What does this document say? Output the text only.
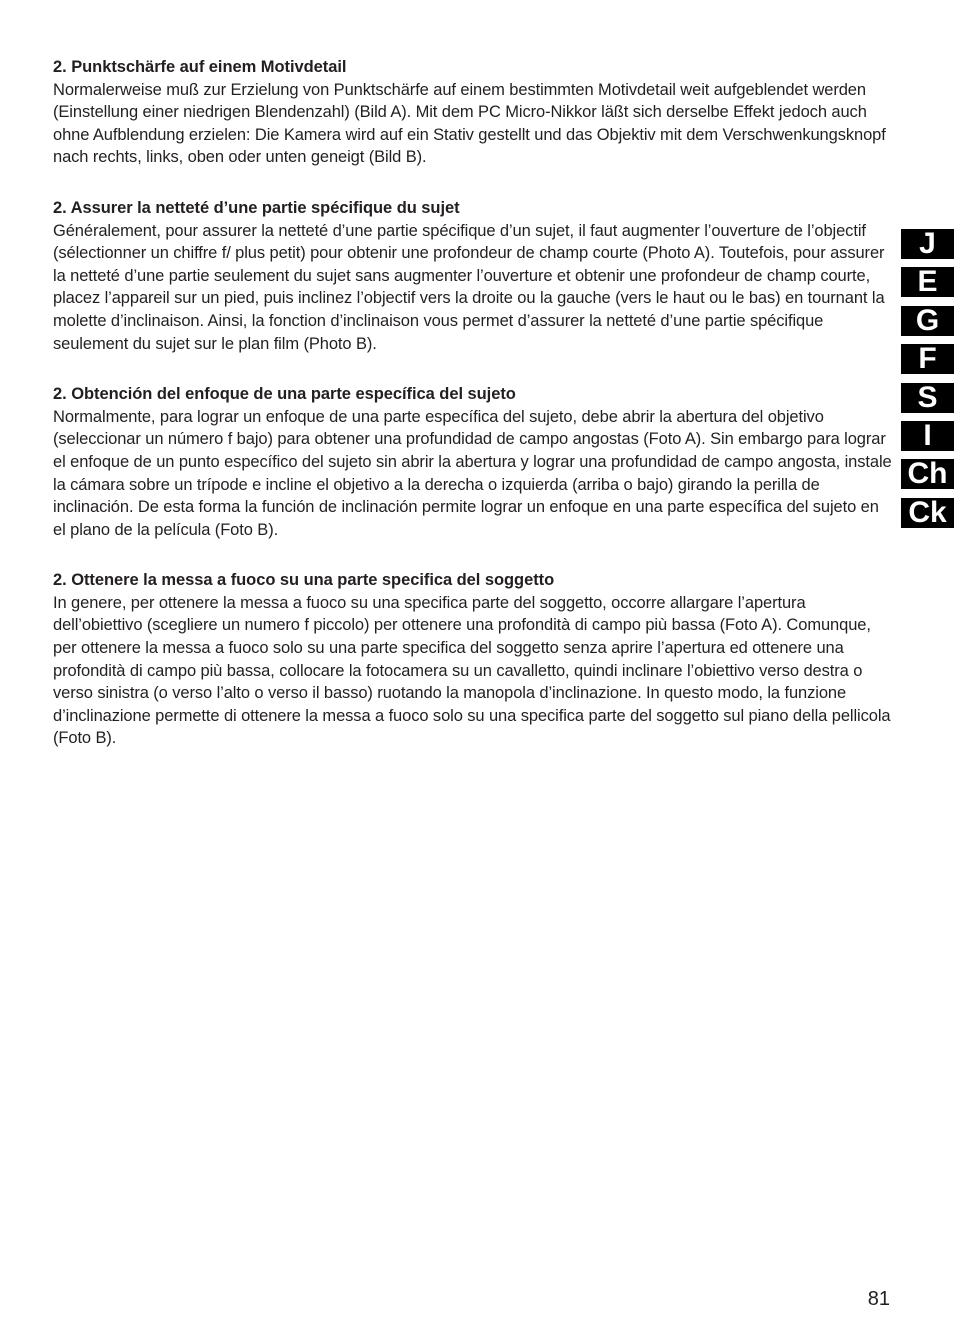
2. Punktschärfe auf einem Motivdetail

Normalerweise muß zur Erzielung von Punktschärfe auf einem bestimmten Motivdetail weit aufgeblendet werden (Einstellung einer niedrigen Blendenzahl) (Bild A). Mit dem PC Micro-Nikkor läßt sich derselbe Effekt jedoch auch ohne Aufblendung erzielen: Die Kamera wird auf ein Stativ gestellt und das Objektiv mit dem Verschwenkungsknopf nach rechts, links, oben oder unten geneigt (Bild B).

2. Assurer la netteté d’une partie spécifique du sujet

Généralement, pour assurer la netteté d’une partie spécifique d’un sujet, il faut augmenter l’ouverture de l’objectif (sélectionner un chiffre f/ plus petit) pour obtenir une profondeur de champ courte (Photo A). Toutefois, pour assurer la netteté d’une partie seulement du sujet sans augmenter l’ouverture et obtenir une profondeur de champ courte, placez l’appareil sur un pied, puis inclinez l’objectif vers la droite ou la gauche (vers le haut ou le bas) en tournant la molette d’inclinaison. Ainsi, la fonction d’inclinaison vous permet d’assurer la netteté d’une partie spécifique seulement du sujet sur le plan film (Photo B).

2. Obtención del enfoque de una parte específica del sujeto

Normalmente, para lograr un enfoque de una parte específica del sujeto, debe abrir la abertura del objetivo (seleccionar un número f bajo) para obtener una profundidad de campo angostas (Foto A). Sin embargo para lograr el enfoque de un punto específico del sujeto sin abrir la abertura y lograr una profundidad de campo angosta, instale la cámara sobre un trípode e incline el objetivo a la derecha o izquierda (arriba o bajo) girando la perilla de inclinación. De esta forma la función de inclinación permite lograr un enfoque en una parte específica del sujeto en el plano de la película (Foto B).

2. Ottenere la messa a fuoco su una parte specifica del soggetto

In genere, per ottenere la messa a fuoco su una specifica parte del soggetto, occorre allargare l’apertura dell’obiettivo (scegliere un numero f piccolo) per ottenere una profondità di campo più bassa (Foto A). Comunque, per ottenere la messa a fuoco solo su una parte specifica del soggetto senza aprire l’apertura ed ottenere una profondità di campo più bassa, collocare la fotocamera su un cavalletto, quindi inclinare l’obiettivo verso destra o verso sinistra (o verso l’alto o verso il basso) ruotando la manopola d’inclinazione. In questo modo, la funzione d’inclinazione permette di ottenere la messa a fuoco solo su una specifica parte del soggetto sul piano della pellicola (Foto B).

J
E
G
F
S
I
Ch
Ck
81
